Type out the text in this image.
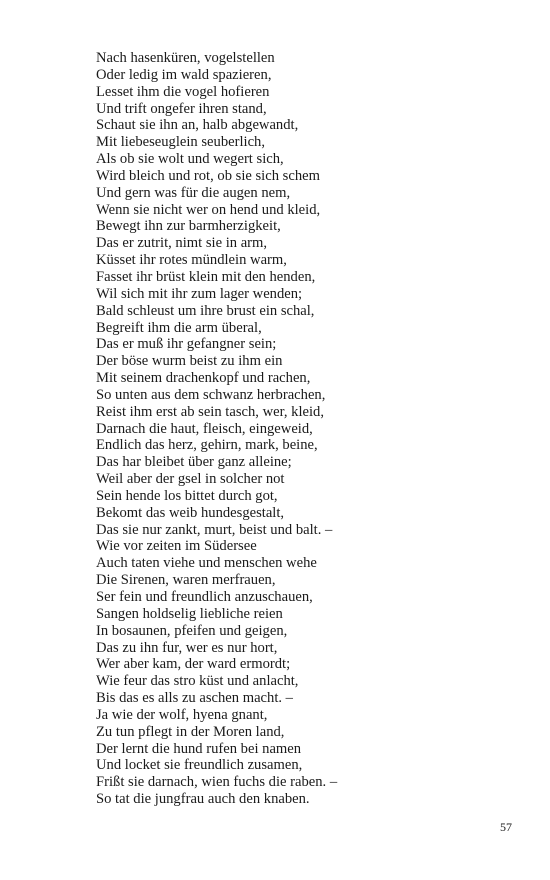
Nach hasenküren, vogelstellen
Oder ledig im wald spazieren,
Lesset ihm die vogel hofieren
Und trift ongefer ihren stand,
Schaut sie ihn an, halb abgewandt,
Mit liebeseuglein seuberlich,
Als ob sie wolt und wegert sich,
Wird bleich und rot, ob sie sich schem
Und gern was für die augen nem,
Wenn sie nicht wer on hend und kleid,
Bewegt ihn zur barmherzigkeit,
Das er zutrit, nimt sie in arm,
Küsset ihr rotes mündlein warm,
Fasset ihr brüst klein mit den henden,
Wil sich mit ihr zum lager wenden;
Bald schleust um ihre brust ein schal,
Begreift ihm die arm überal,
Das er muß ihr gefangner sein;
Der böse wurm beist zu ihm ein
Mit seinem drachenkopf und rachen,
So unten aus dem schwanz herbrachen,
Reist ihm erst ab sein tasch, wer, kleid,
Darnach die haut, fleisch, eingeweid,
Endlich das herz, gehirn, mark, beine,
Das har bleibet über ganz alleine;
Weil aber der gsel in solcher not
Sein hende los bittet durch got,
Bekomt das weib hundesgestalt,
Das sie nur zankt, murt, beist und balt. –
Wie vor zeiten im Südersee
Auch taten viehe und menschen wehe
Die Sirenen, waren merfrauen,
Ser fein und freundlich anzuschauen,
Sangen holdselig liebliche reien
In bosaunen, pfeifen und geigen,
Das zu ihn fur, wer es nur hort,
Wer aber kam, der ward ermordt;
Wie feur das stro küst und anlacht,
Bis das es alls zu aschen macht. –
Ja wie der wolf, hyena gnant,
Zu tun pflegt in der Moren land,
Der lernt die hund rufen bei namen
Und locket sie freundlich zusamen,
Frißt sie darnach, wien fuchs die raben. –
So tat die jungfrau auch den knaben.
57
